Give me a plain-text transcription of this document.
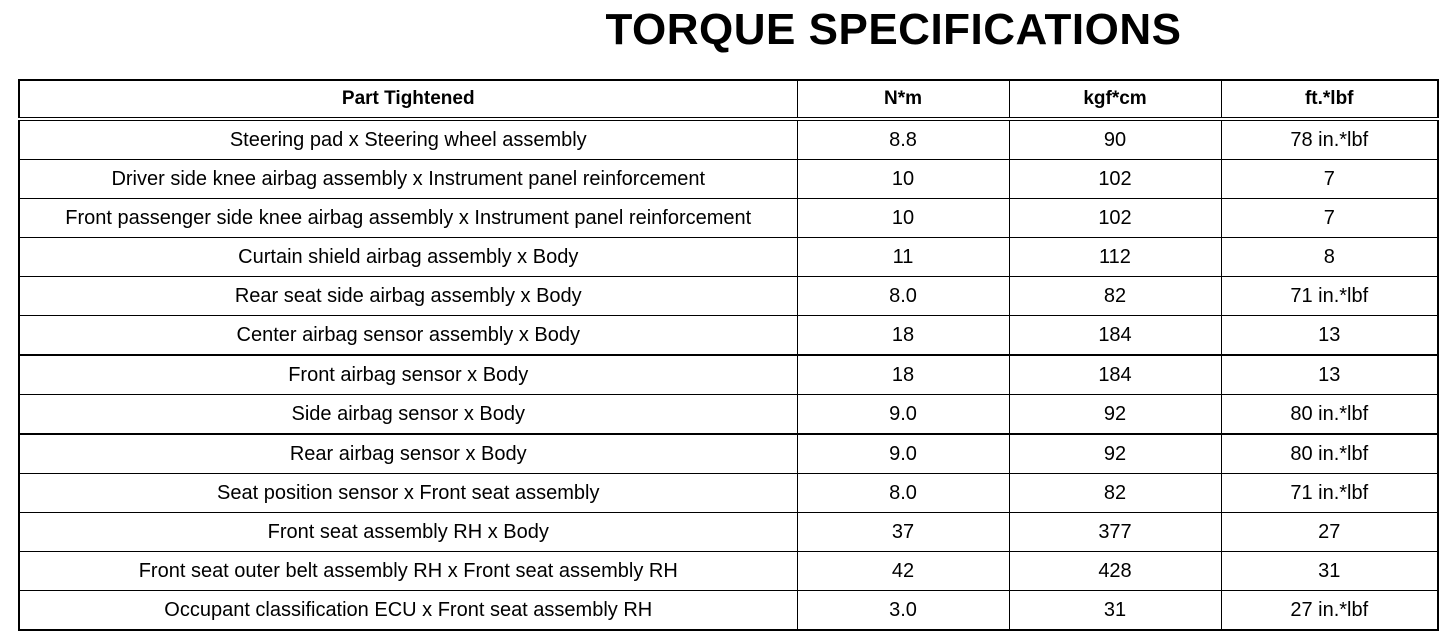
TORQUE SPECIFICATIONS
Part Tightened	N*m	kgf*cm	ft.*lbf
Steering pad x Steering wheel assembly	8.8	90	78 in.*lbf
Driver side knee airbag assembly x Instrument panel reinforcement	10	102	7
Front passenger side knee airbag assembly x Instrument panel reinforcement	10	102	7
Curtain shield airbag assembly x Body	11	112	8
Rear seat side airbag assembly x Body	8.0	82	71 in.*lbf
Center airbag sensor assembly x Body	18	184	13
Front airbag sensor x Body	18	184	13
Side airbag sensor x Body	9.0	92	80 in.*lbf
Rear airbag sensor x Body	9.0	92	80 in.*lbf
Seat position sensor x Front seat assembly	8.0	82	71 in.*lbf
Front seat assembly RH x Body	37	377	27
Front seat outer belt assembly RH x Front seat assembly RH	42	428	31
Occupant classification ECU x Front seat assembly RH	3.0	31	27 in.*lbf
